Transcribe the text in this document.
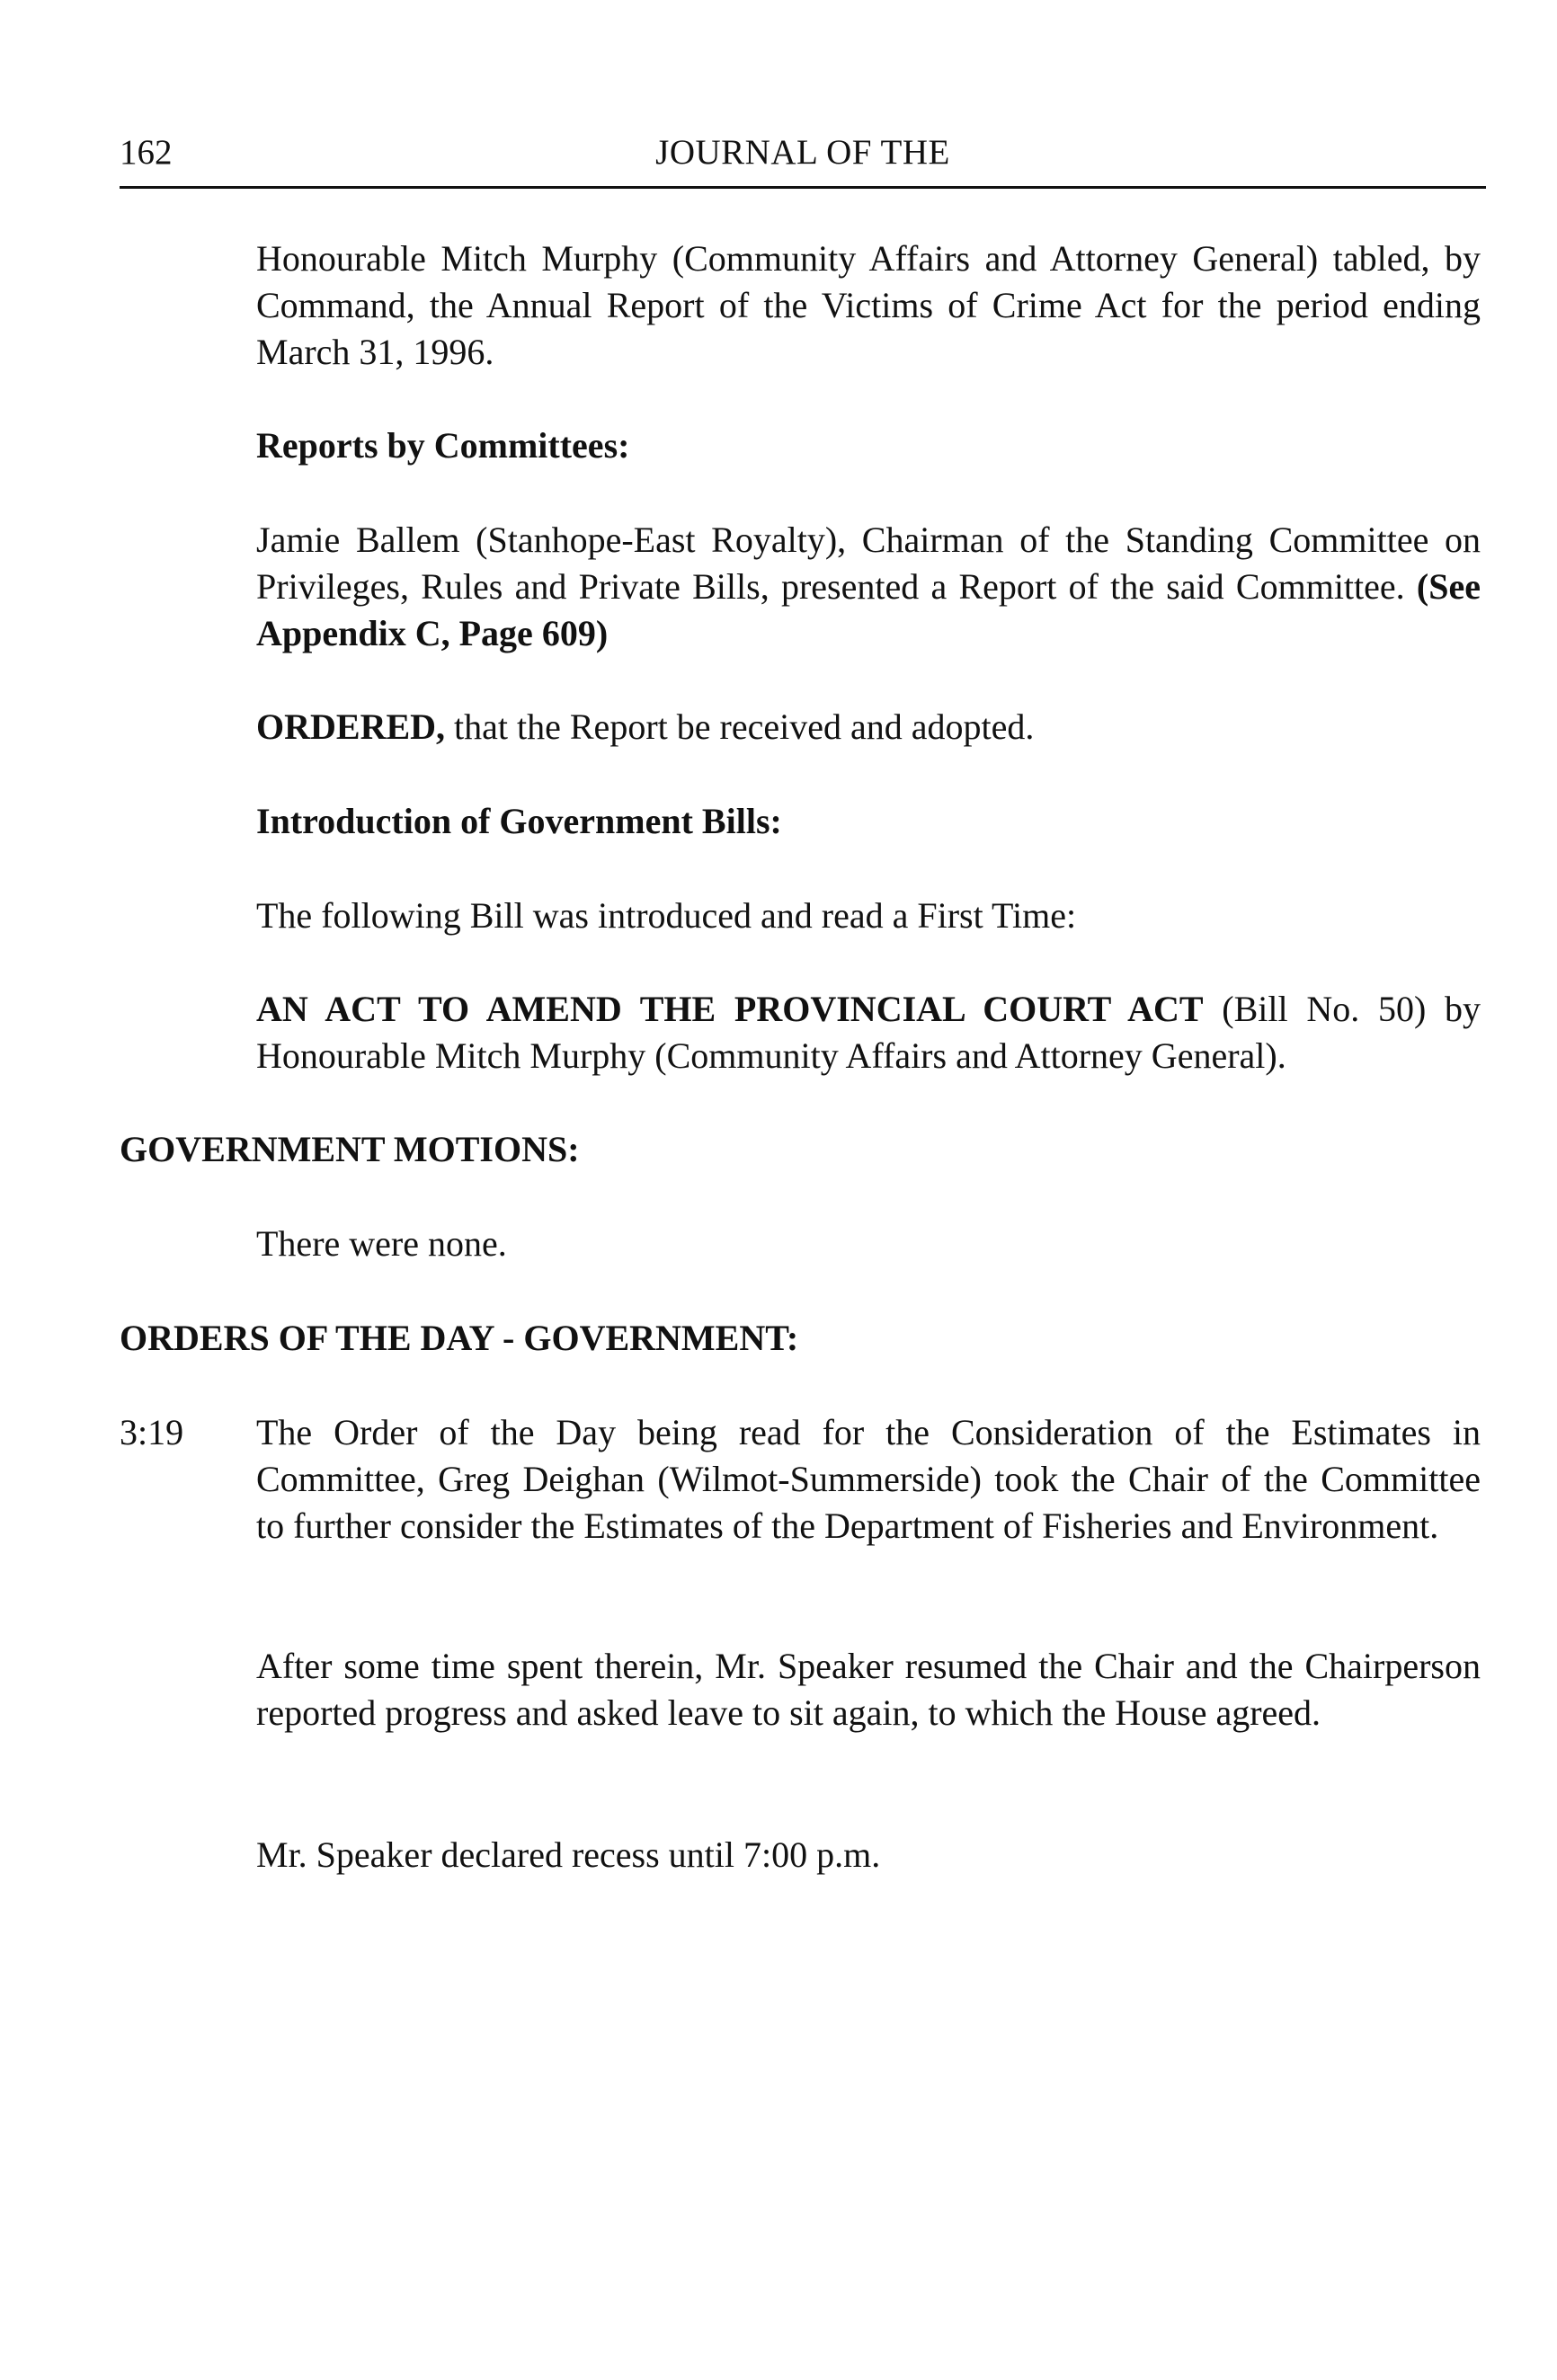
162	JOURNAL OF THE
Honourable Mitch Murphy (Community Affairs and Attorney General) tabled, by Command, the Annual Report of the Victims of Crime Act for the period ending March 31, 1996.
Reports by Committees:
Jamie Ballem (Stanhope-East Royalty), Chairman of the Standing Committee on Privileges, Rules and Private Bills, presented a Report of the said Committee. (See Appendix C, Page 609)
ORDERED, that the Report be received and adopted.
Introduction of Government Bills:
The following Bill was introduced and read a First Time:
AN ACT TO AMEND THE PROVINCIAL COURT ACT (Bill No. 50) by Honourable Mitch Murphy (Community Affairs and Attorney General).
GOVERNMENT MOTIONS:
There were none.
ORDERS OF THE DAY - GOVERNMENT:
3:19 The Order of the Day being read for the Consideration of the Estimates in Committee, Greg Deighan (Wilmot-Summerside) took the Chair of the Committee to further consider the Estimates of the Department of Fisheries and Environment.
After some time spent therein, Mr. Speaker resumed the Chair and the Chairperson reported progress and asked leave to sit again, to which the House agreed.
Mr. Speaker declared recess until 7:00 p.m.
